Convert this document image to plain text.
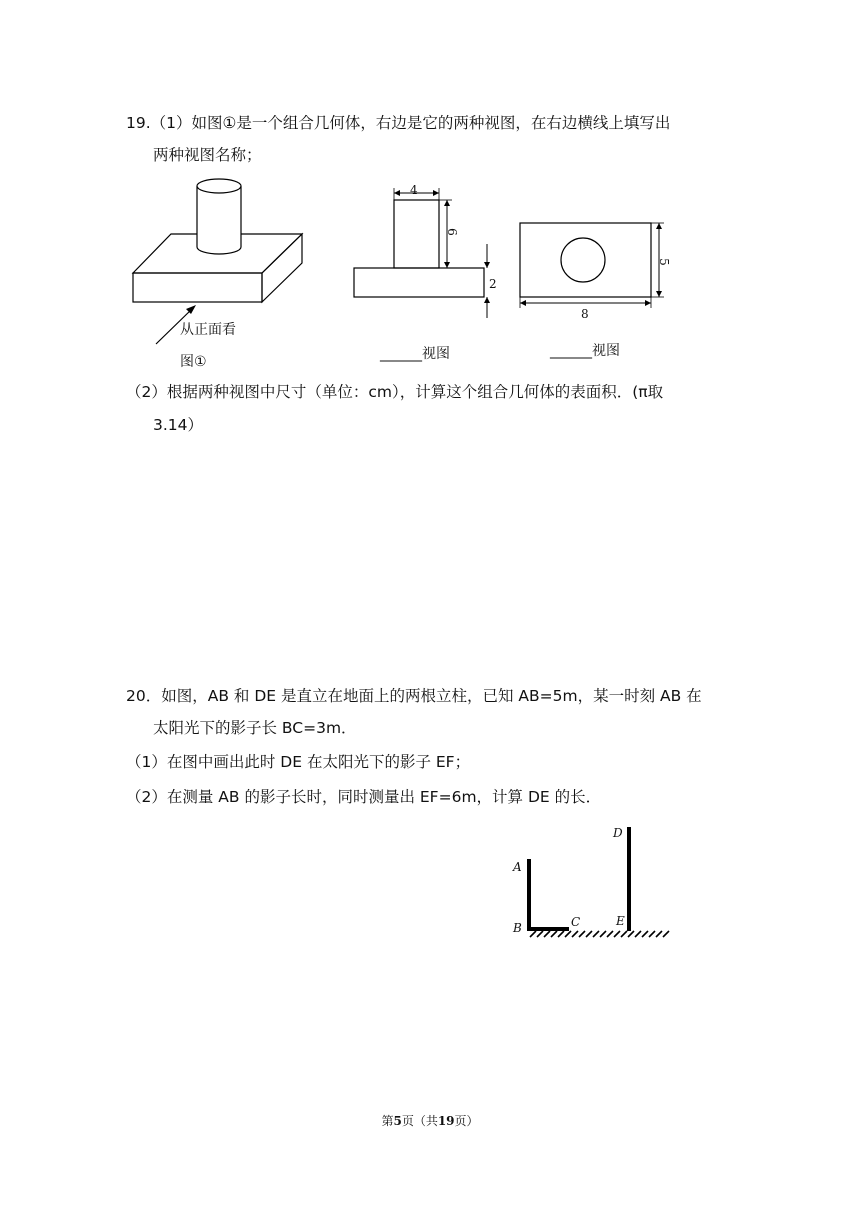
19.（1）如图①是一个组合几何体，右边是它的两种视图，在右边横线上填写出
两种视图名称；
从正面看
图①
4
6
2
5
8
______视图	______视图
（2）根据两种视图中尺寸（单位：cm），计算这个组合几何体的表面积．(π取
3.14）
20．如图，AB 和 DE 是直立在地面上的两根立柱，已知 AB=5m，某一时刻 AB 在
太阳光下的影子长 BC=3m．
（1）在图中画出此时 DE 在太阳光下的影子 EF；
（2）在测量 AB 的影子长时，同时测量出 EF=6m，计算 DE 的长．
A
B	C
D
E
第5页（共19页）
